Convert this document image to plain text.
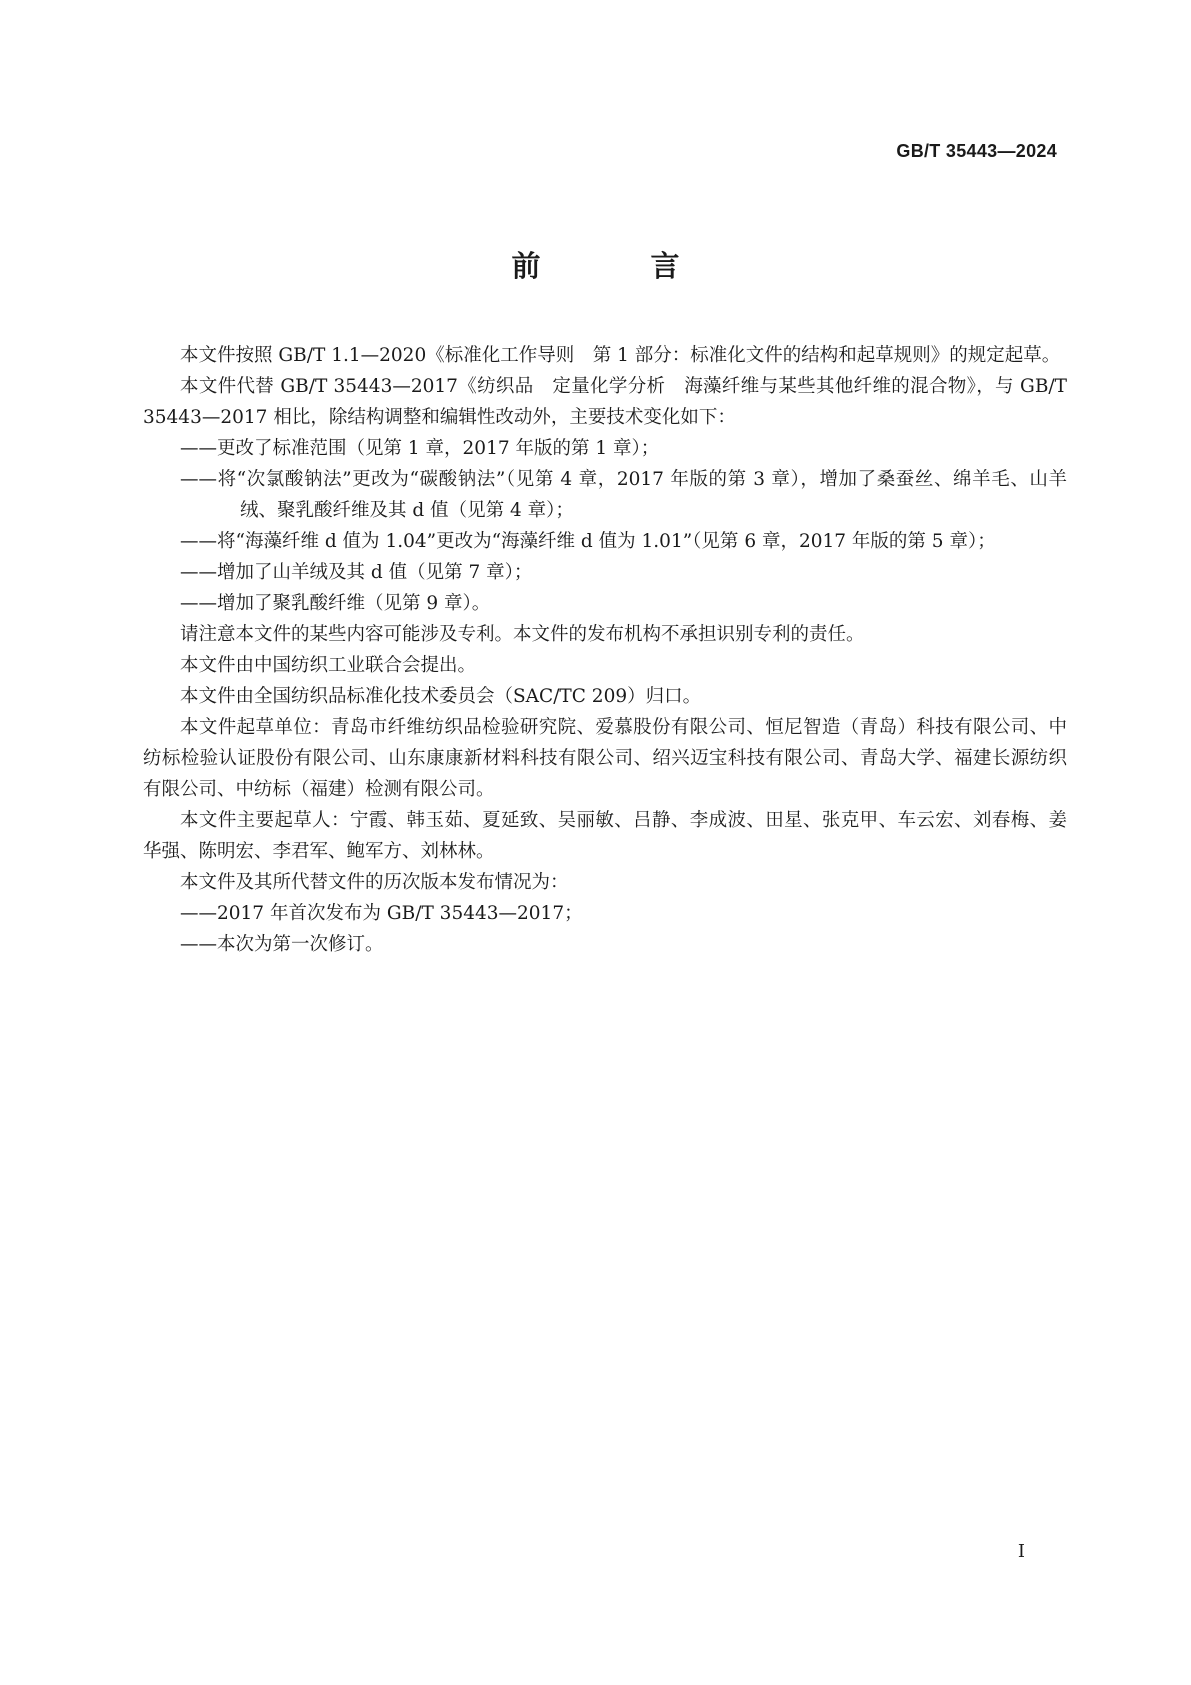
GB/T 35443—2024
前 言

本文件按照 GB/T 1.1—2020《标准化工作导则　第 1 部分：标准化文件的结构和起草规则》的规定起草。

本文件代替 GB/T 35443—2017《纺织品　定量化学分析　海藻纤维与某些其他纤维的混合物》，与 GB/T 35443—2017 相比，除结构调整和编辑性改动外，主要技术变化如下：

——更改了标准范围（见第 1 章，2017 年版的第 1 章）；

——将“次氯酸钠法”更改为“碳酸钠法”（见第 4 章，2017 年版的第 3 章），增加了桑蚕丝、绵羊毛、山羊绒、聚乳酸纤维及其 d 值（见第 4 章）；

——将“海藻纤维 d 值为 1.04”更改为“海藻纤维 d 值为 1.01”（见第 6 章，2017 年版的第 5 章）；

——增加了山羊绒及其 d 值（见第 7 章）；

——增加了聚乳酸纤维（见第 9 章）。

请注意本文件的某些内容可能涉及专利。本文件的发布机构不承担识别专利的责任。

本文件由中国纺织工业联合会提出。

本文件由全国纺织品标准化技术委员会（SAC/TC 209）归口。

本文件起草单位：青岛市纤维纺织品检验研究院、爱慕股份有限公司、恒尼智造（青岛）科技有限公司、中纺标检验认证股份有限公司、山东康康新材料科技有限公司、绍兴迈宝科技有限公司、青岛大学、福建长源纺织有限公司、中纺标（福建）检测有限公司。

本文件主要起草人：宁霞、韩玉茹、夏延致、吴丽敏、吕静、李成波、田星、张克甲、车云宏、刘春梅、姜华强、陈明宏、李君军、鲍军方、刘林林。

本文件及其所代替文件的历次版本发布情况为：

——2017 年首次发布为 GB/T 35443—2017；

——本次为第一次修订。

I
